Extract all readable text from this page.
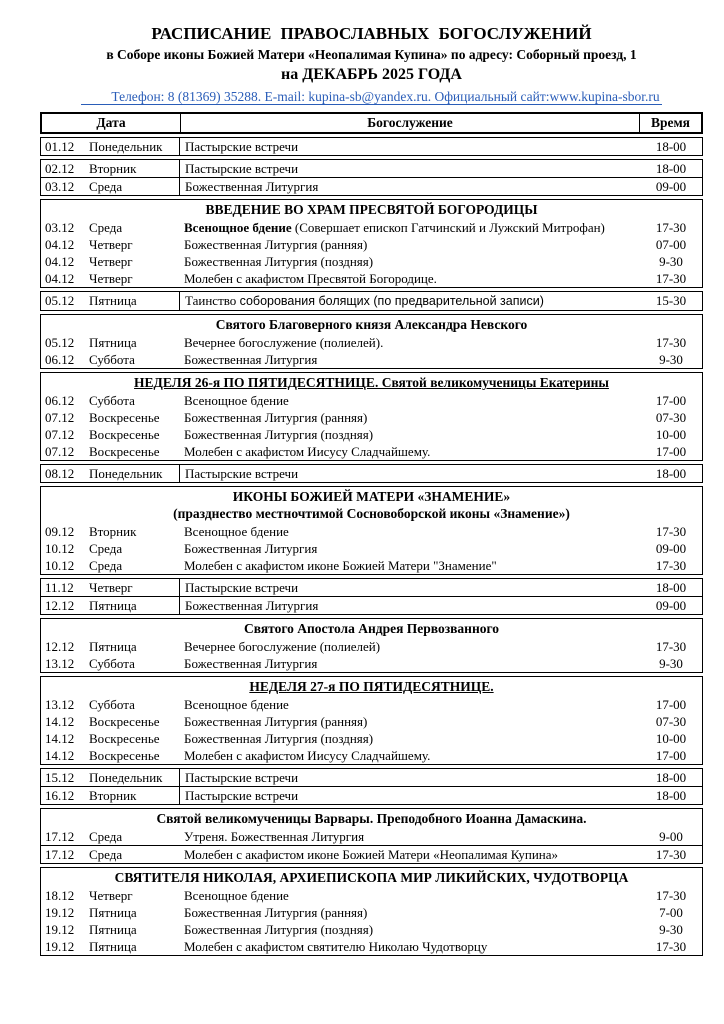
РАСПИСАНИЕ ПРАВОСЛАВНЫХ БОГОСЛУЖЕНИЙ
в Соборе иконы Божией Матери «Неопалимая Купина» по адресу: Соборный проезд, 1
на ДЕКАБРЬ 2025 ГОДА
Телефон: 8 (81369) 35288. E-mail: kupina-sb@yandex.ru. Официальный сайт:www.kupina-sbor.ru
Дата	Богослужение	Время
01.12	Понедельник	Пастырские встречи	18-00
02.12	Вторник	Пастырские встречи	18-00
03.12	Среда	Божественная Литургия	09-00
ВВЕДЕНИЕ ВО ХРАМ ПРЕСВЯТОЙ БОГОРОДИЦЫ
03.12	Среда	Всенощное бдение (Совершает епископ Гатчинский и Лужский Митрофан)	17-30
04.12	Четверг	Божественная Литургия (ранняя)	07-00
04.12	Четверг	Божественная Литургия (поздняя)	9-30
04.12	Четверг	Молебен с акафистом Пресвятой Богородице.	17-30
05.12	Пятница	Таинство соборования болящих (по предварительной записи)	15-30
Святого Благоверного князя Александра Невского
05.12	Пятница	Вечернее богослужение (полиелей).	17-30
06.12	Суббота	Божественная Литургия	9-30
НЕДЕЛЯ 26-я ПО ПЯТИДЕСЯТНИЦЕ. Святой великомученицы Екатерины
06.12	Суббота	Всенощное бдение	17-00
07.12	Воскресенье	Божественная Литургия (ранняя)	07-30
07.12	Воскресенье	Божественная Литургия (поздняя)	10-00
07.12	Воскресенье	Молебен с акафистом Иисусу Сладчайшему.	17-00
08.12	Понедельник	Пастырские встречи	18-00
ИКОНЫ БОЖИЕЙ МАТЕРИ «ЗНАМЕНИЕ»
(празднество местночтимой Сосновоборской иконы «Знамение»)
09.12	Вторник	Всенощное бдение	17-30
10.12	Среда	Божественная Литургия	09-00
10.12	Среда	Молебен с акафистом иконе Божией Матери "Знамение"	17-30
11.12	Четверг	Пастырские встречи	18-00
12.12	Пятница	Божественная Литургия	09-00
Святого Апостола Андрея Первозванного
12.12	Пятница	Вечернее богослужение (полиелей)	17-30
13.12	Суббота	Божественная Литургия	9-30
НЕДЕЛЯ 27-я ПО ПЯТИДЕСЯТНИЦЕ.
13.12	Суббота	Всенощное бдение	17-00
14.12	Воскресенье	Божественная Литургия (ранняя)	07-30
14.12	Воскресенье	Божественная Литургия (поздняя)	10-00
14.12	Воскресенье	Молебен с акафистом Иисусу Сладчайшему.	17-00
15.12	Понедельник	Пастырские встречи	18-00
16.12	Вторник	Пастырские встречи	18-00
Святой великомученицы Варвары. Преподобного Иоанна Дамаскина.
17.12	Среда	Утреня. Божественная Литургия	9-00
17.12	Среда	Молебен с акафистом иконе Божией Матери «Неопалимая Купина»	17-30
СВЯТИТЕЛЯ НИКОЛАЯ, АРХИЕПИСКОПА МИР ЛИКИЙСКИХ, ЧУДОТВОРЦА
18.12	Четверг	Всенощное бдение	17-30
19.12	Пятница	Божественная Литургия (ранняя)	7-00
19.12	Пятница	Божественная Литургия (поздняя)	9-30
19.12	Пятница	Молебен с акафистом святителю Николаю Чудотворцу	17-30
